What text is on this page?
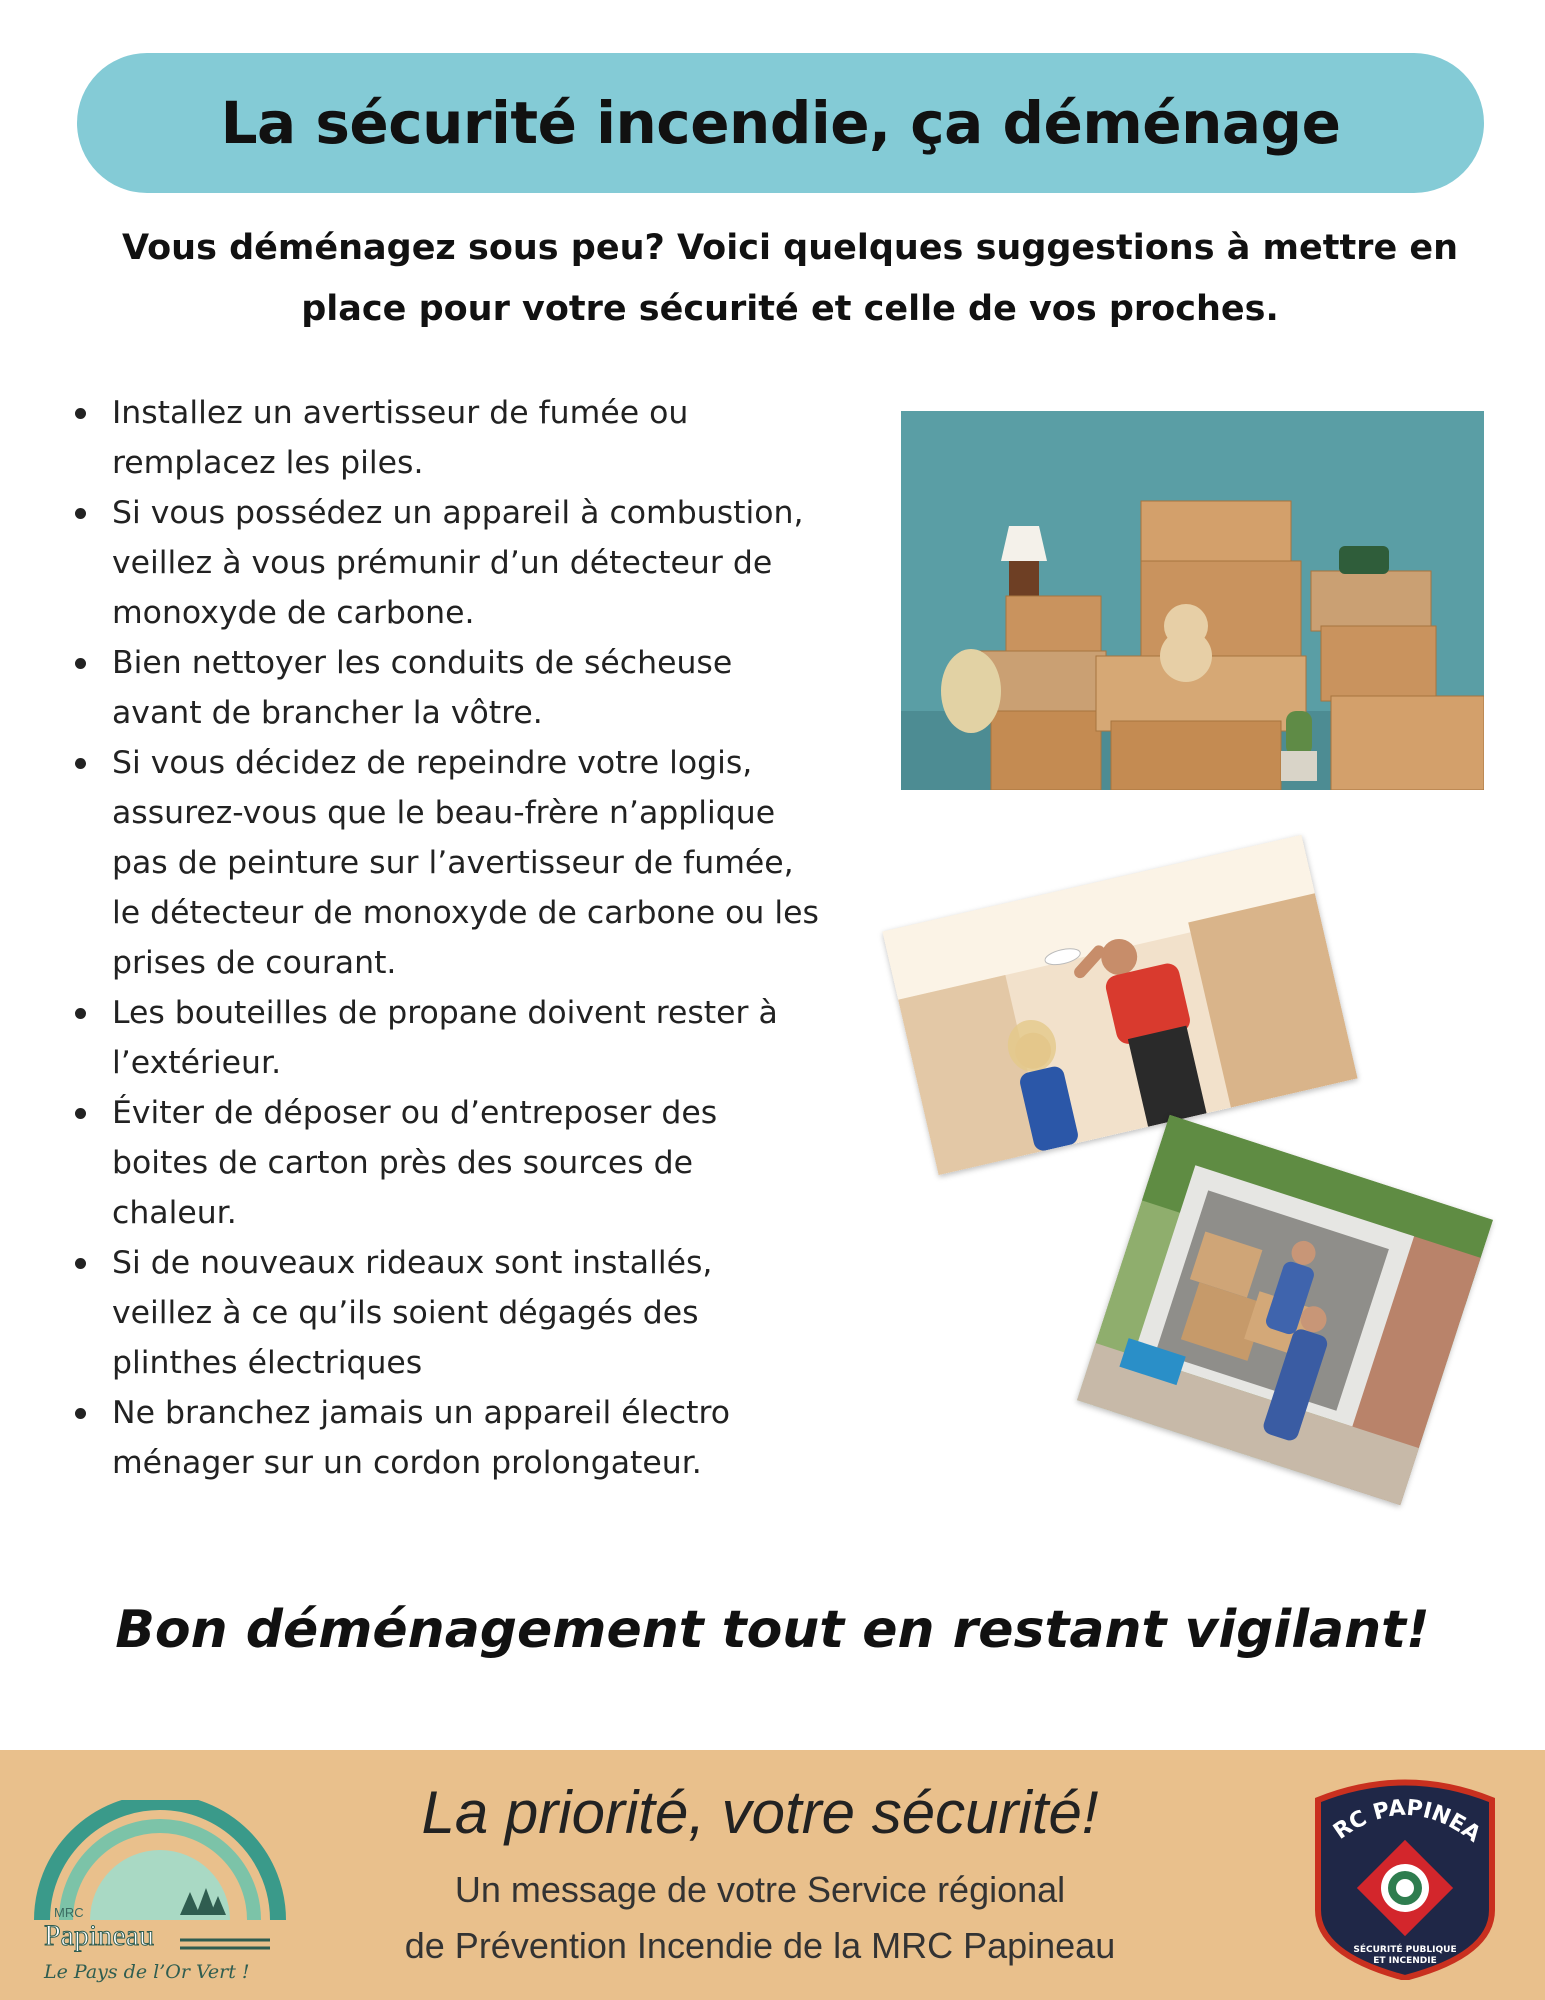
La sécurité incendie, ça déménage
Vous déménagez sous peu? Voici quelques suggestions à mettre en
place pour votre sécurité et celle de vos proches.
Installez un avertisseur de fumée ou remplacez les piles.
Si vous possédez un appareil à combustion, veillez à vous prémunir d’un détecteur de monoxyde de carbone.
Bien nettoyer les conduits de sécheuse avant de brancher la vôtre.
Si vous décidez de repeindre votre logis, assurez-vous que le beau-frère n’applique pas de peinture sur l’avertisseur de fumée, le détecteur de monoxyde de carbone ou les prises de courant.
Les bouteilles de propane doivent rester à l’extérieur.
Éviter de déposer ou d’entreposer des boites de carton près des sources de chaleur.
Si de nouveaux rideaux sont installés, veillez à ce qu’ils soient dégagés des plinthes électriques
Ne branchez jamais un appareil électro ménager sur un cordon prolongateur.
Bon déménagement tout en restant vigilant!
MRC
Papineau
Le Pays de l’Or Vert !
La priorité, votre sécurité!
Un message de votre Service régional
de Prévention Incendie de la MRC Papineau
RC PAPINEA
SÉCURITÉ PUBLIQUE
ET INCENDIE
